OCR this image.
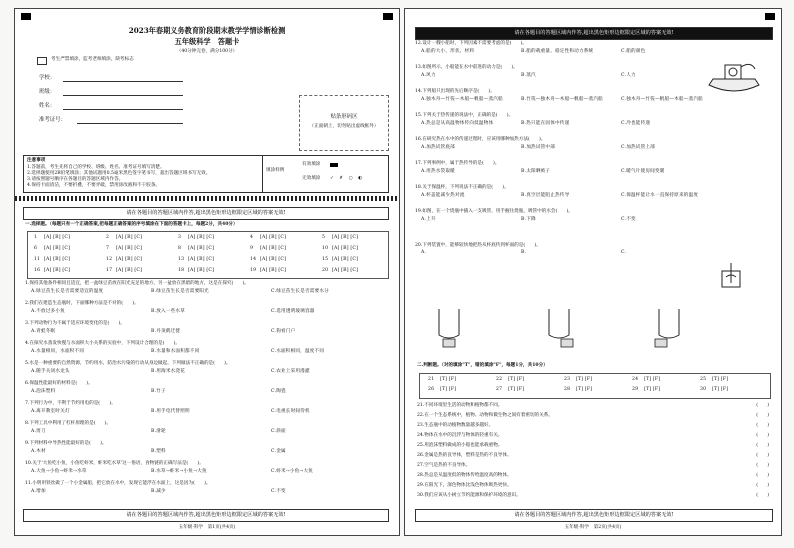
2023年春期义务教育阶段期末教学学情诊断检测
五年级科学　答题卡
（40分钟完卷，满分100分）
考生严禁填涂，监考老师填涂，缺考标志
学校：
班级：
姓名：
准考证号：	贴条形码区
（正面朝上，切勿贴出虚线框外）
注意事项
1.答题前，考生先将自己的学校、班级、姓名、准考证号填写清楚。
2.选择题使用2B铅笔填涂；其他试题用0.5毫米黑色签字笔书写，超出答题区域书写无效。
3.请按照题号顺序在各题目的答题区域内作答。
4.保持卡面清洁，不要折叠，不要弄破，禁用涂改液和不干胶条。
填涂样例
有效填涂
无效填涂 ✓ ✗ ○ ◐
请在各题目的答题区域内作答,超出黑色矩形边框限定区域的答案无效!
一.选择题。（每题只有一个正确答案,把每题正确答案的序号填涂在下面的答题卡上，每题2分，共40分）
1 [A] [B] [C]	2 [A] [B] [C]	3 [A] [B] [C]	4 [A] [B] [C]	5 [A] [B] [C]
6 [A] [B] [C]	7 [A] [B] [C]	8 [A] [B] [C]	9 [A] [B] [C]	10 [A] [B] [C]
11 [A] [B] [C]	12 [A] [B] [C]	13 [A] [B] [C]	14 [A] [B] [C]	15 [A] [B] [C]
16 [A] [B] [C]	17 [A] [B] [C]	18 [A] [B] [C]	19 [A] [B] [C]	20 [A] [B] [C]
1.保持其他条件相同且适宜，把一盆绿豆苗放在阳光充足的地方，另一盆放在黑暗的地方，这是在探究(　　)。
A.绿豆苗生长是否需要适宜的温度	B.绿豆苗生长是否需要阳光	C.绿豆苗生长是否需要水分
2.我们在建造生态瓶时，下面哪种方法是不对的(　　)。
A.不放过多小鱼	B.放入一些水草	C.选用透明玻璃容器
3.下列动物行为不属于适应环境变化的是(　　)。
A.青蛙冬眠	B.丹顶鹤迁徙	C.狗看门户
4.在探究水蒸发快慢与水面积大小关系的实验中，下列设计合理的是(　　)。
A.水量相同，水面积不同	B.水量和水面积都不同	C.水面积相同，温度不同
5.水是一种重要的自然资源，节约用水，防治水污染的行动从身边做起，下列做法不正确的是(　　)。
A.随手关闭水龙头	B.用淘米水浇花	C.农业上采用漫灌
6.保温性能最好的材料是(　　)。
A.泡沫塑料	B.竹子	C.陶瓷
7.下列行为中，不利于节约用电的是(　　)。
A.离开教室时关灯	B.用手电代替照明	C.电视长时间待机
8.下列工具中利用了杠杆原理的是(　　)。
A.剪刀	B.滑轮	C.斜面
9.下列材料中导热性能最好的是(　　)。
A.木材	B.塑料	C.金属
10.关于'大鱼吃小鱼，小鱼吃虾米，虾米吃水草'这一俗语，食物链的正确写法是(　　)。
A.大鱼→小鱼→虾米→水草	B.水草→虾米→小鱼→大鱼	C.虾米→小鱼→大鱼
11.小明用铁丝做了一个小金属船，把它放在水中，发现它能浮在水面上，这是因为(　　)。
A.增加	B.减少	C.不变
请在各题目的答题区域内作答,超出黑色矩形边框限定区域的答案无效!
五年级·科学　第1页(共4页)
请在各题目的答题区域内作答,超出黑色矩形边框限定区域的答案无效!
12.设计一艘小船时，下列因素不需要考虑的是(　　)。
A.船的大小、形状、材料	B.船的载重量、稳定性和动力系统	C.船的颜色
13.如图所示，小船能在水中前进的动力是(　　)。
A.风力	B.蒸汽	C.人力
14.下列船只出现的先后顺序是(　　)。
A.独木舟—竹筏—木船—帆船—蒸汽船	B.竹筏—独木舟—木船—帆船—蒸汽船	C.独木舟—竹筏—帆船—木船—蒸汽船
15.下列关于热传递的说法中，正确的是(　　)。
A.热总是从高温物体传向低温物体	B.热只能在固体中传递	C.冷也能传递
16.在研究热在水中的传递过程时，应该用哪种加热方法(　　)。
A.加热试管底部	B.加热试管中部	C.加热试管上部
17.下列事例中，属于热传导的是(　　)。
A.用热水袋取暖	B.太阳晒被子	C.暖气片使房间变暖
18.关于保温杯，下列说法不正确的是(　　)。
A.杯盖能减少热对流	B.真空层能阻止热传导	C.保温杯能让水一直保持原来的温度
19.如图，在一个烧瓶中插入一支吸管，用手握住烧瓶，吸管中的水会(　　)。
A.上升	B.下降	C.不变
20.下列装置中，能够较快地把热从杯底传到杯面的是(　　)。
A.	B.	C.
二.判断题。（对的填涂"T"，错的填涂"F"，每题1分，共10分）
21 [T] [F]	22 [T] [F]	23 [T] [F]	24 [T] [F]	25 [T] [F]
26 [T] [F]	27 [T] [F]	28 [T] [F]	29 [T] [F]	30 [T] [F]
21.不同环境里生活的动物和植物都不同。	(　　)
22.在一个生态系统中，植物、动物和微生物之间有着密切的关系。	(　　)
23.生态瓶中的动植物数量越多越好。	(　　)
24.物体在水中的沉浮与物体的轻重有关。	(　　)
25.用泡沫塑料做成的小船也能承载重物。	(　　)
26.金属是热的良导体，塑料是热的不良导体。	(　　)
27.空气是热的不良导体。	(　　)
28.热总是从温度低的物体传给温度高的物体。	(　　)
29.在阳光下，深色物体比浅色物体吸热更快。	(　　)
30.我们应该从小树立节约能源和保护环境的意识。	(　　)
请在各题目的答题区域内作答,超出黑色矩形边框限定区域的答案无效!
五年级·科学　第2页(共4页)
